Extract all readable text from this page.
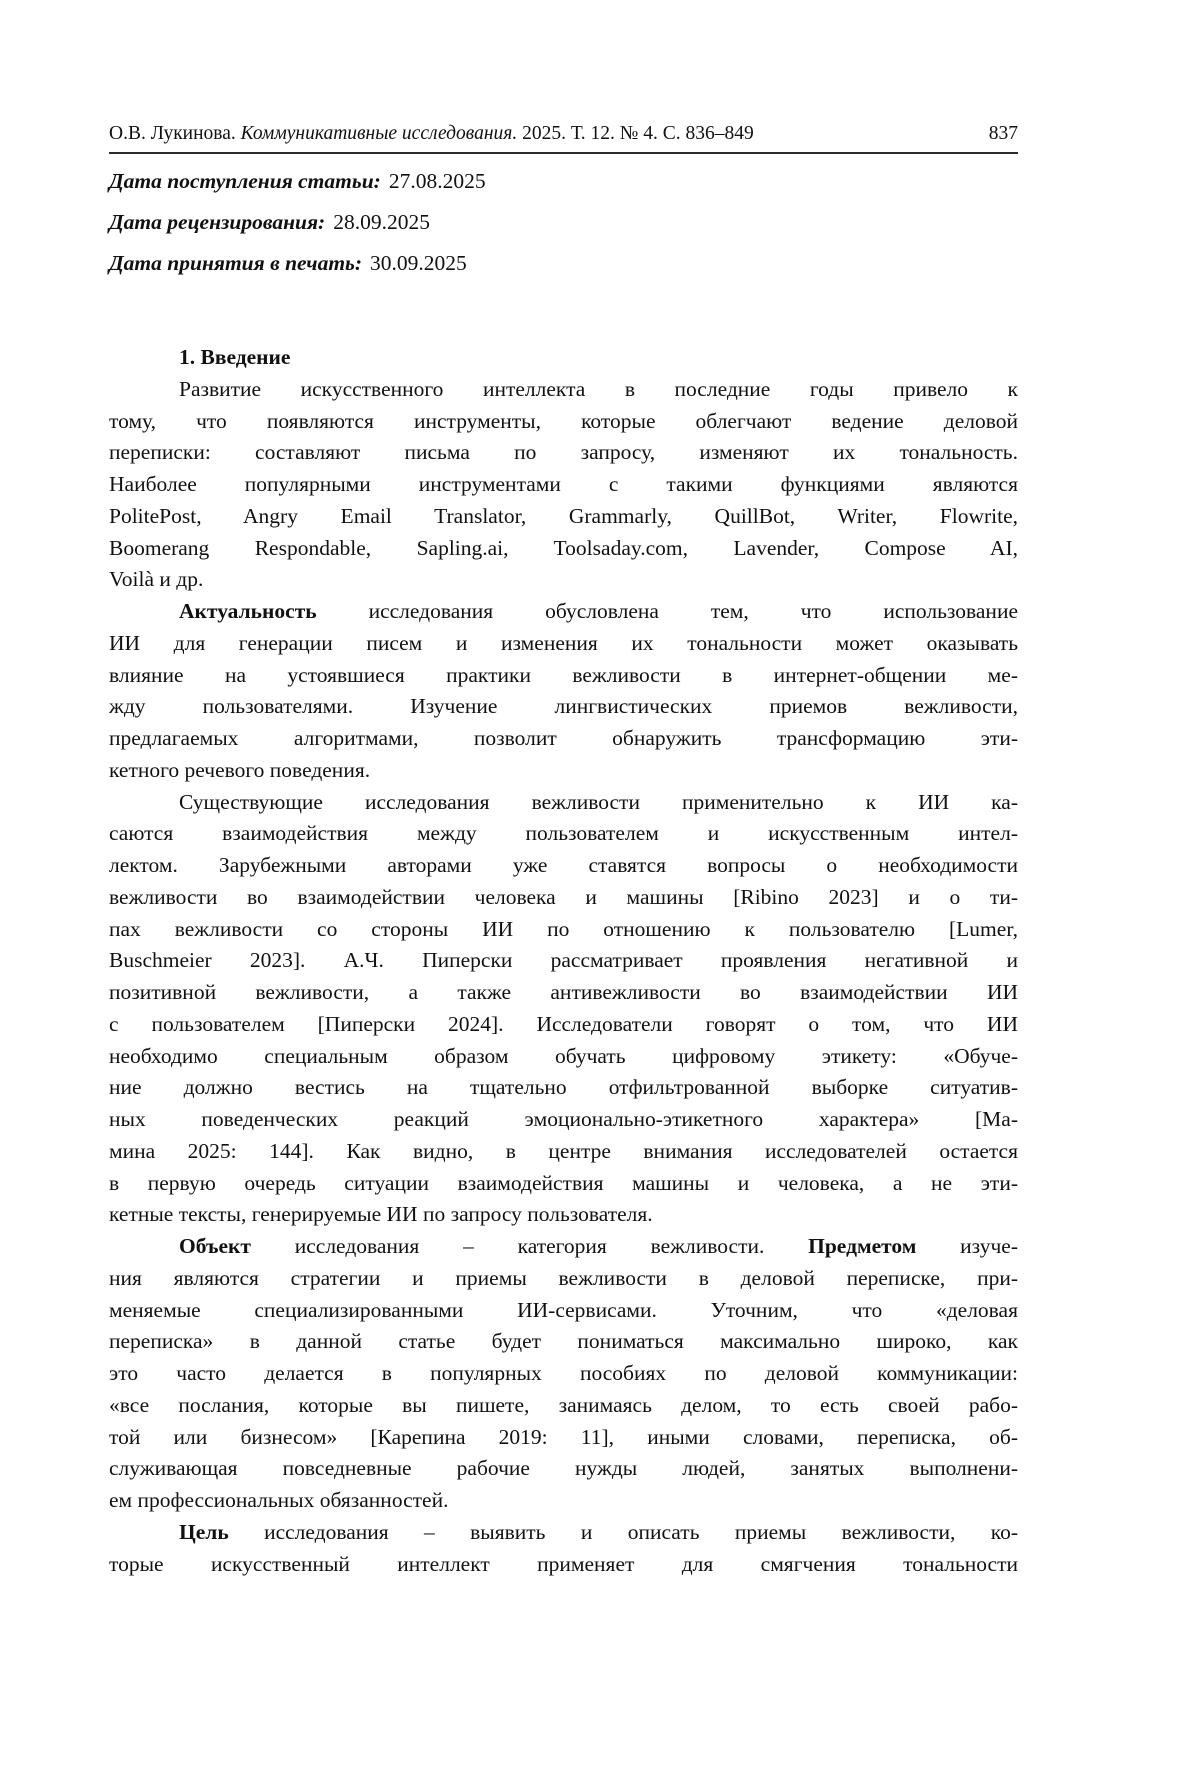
О.В. Лукинова. Коммуникативные исследования. 2025. Т. 12. № 4. С. 836–849	837
Дата поступления статьи: 27.08.2025
Дата рецензирования: 28.09.2025
Дата принятия в печать: 30.09.2025
1. Введение
Развитие искусственного интеллекта в последние годы привело к
тому, что появляются инструменты, которые облегчают ведение деловой
переписки: составляют письма по запросу, изменяют их тональность.
Наиболее популярными инструментами с такими функциями являются
PolitePost, Angry Email Translator, Grammarly, QuillBot, Writer, Flowrite,
Boomerang Respondable, Sapling.ai, Toolsaday.com, Lavender, Compose AI,
Voilà и др.
Актуальность исследования обусловлена тем, что использование
ИИ для генерации писем и изменения их тональности может оказывать
влияние на устоявшиеся практики вежливости в интернет-общении ме-
жду пользователями. Изучение лингвистических приемов вежливости,
предлагаемых алгоритмами, позволит обнаружить трансформацию эти-
кетного речевого поведения.
Существующие исследования вежливости применительно к ИИ ка-
саются взаимодействия между пользователем и искусственным интел-
лектом. Зарубежными авторами уже ставятся вопросы о необходимости
вежливости во взаимодействии человека и машины [Ribino 2023] и о ти-
пах вежливости со стороны ИИ по отношению к пользователю [Lumer,
Buschmeier 2023]. А.Ч. Пиперски рассматривает проявления негативной и
позитивной вежливости, а также антивежливости во взаимодействии ИИ
с пользователем [Пиперски 2024]. Исследователи говорят о том, что ИИ
необходимо специальным образом обучать цифровому этикету: «Обуче-
ние должно вестись на тщательно отфильтрованной выборке ситуатив-
ных поведенческих реакций эмоционально-этикетного характера» [Ма-
мина 2025: 144]. Как видно, в центре внимания исследователей остается
в первую очередь ситуации взаимодействия машины и человека, а не эти-
кетные тексты, генерируемые ИИ по запросу пользователя.
Объект исследования – категория вежливости. Предметом изуче-
ния являются стратегии и приемы вежливости в деловой переписке, при-
меняемые специализированными ИИ-сервисами. Уточним, что «деловая
переписка» в данной статье будет пониматься максимально широко, как
это часто делается в популярных пособиях по деловой коммуникации:
«все послания, которые вы пишете, занимаясь делом, то есть своей рабо-
той или бизнесом» [Карепина 2019: 11], иными словами, переписка, об-
служивающая повседневные рабочие нужды людей, занятых выполнени-
ем профессиональных обязанностей.
Цель исследования – выявить и описать приемы вежливости, ко-
торые искусственный интеллект применяет для смягчения тональности
